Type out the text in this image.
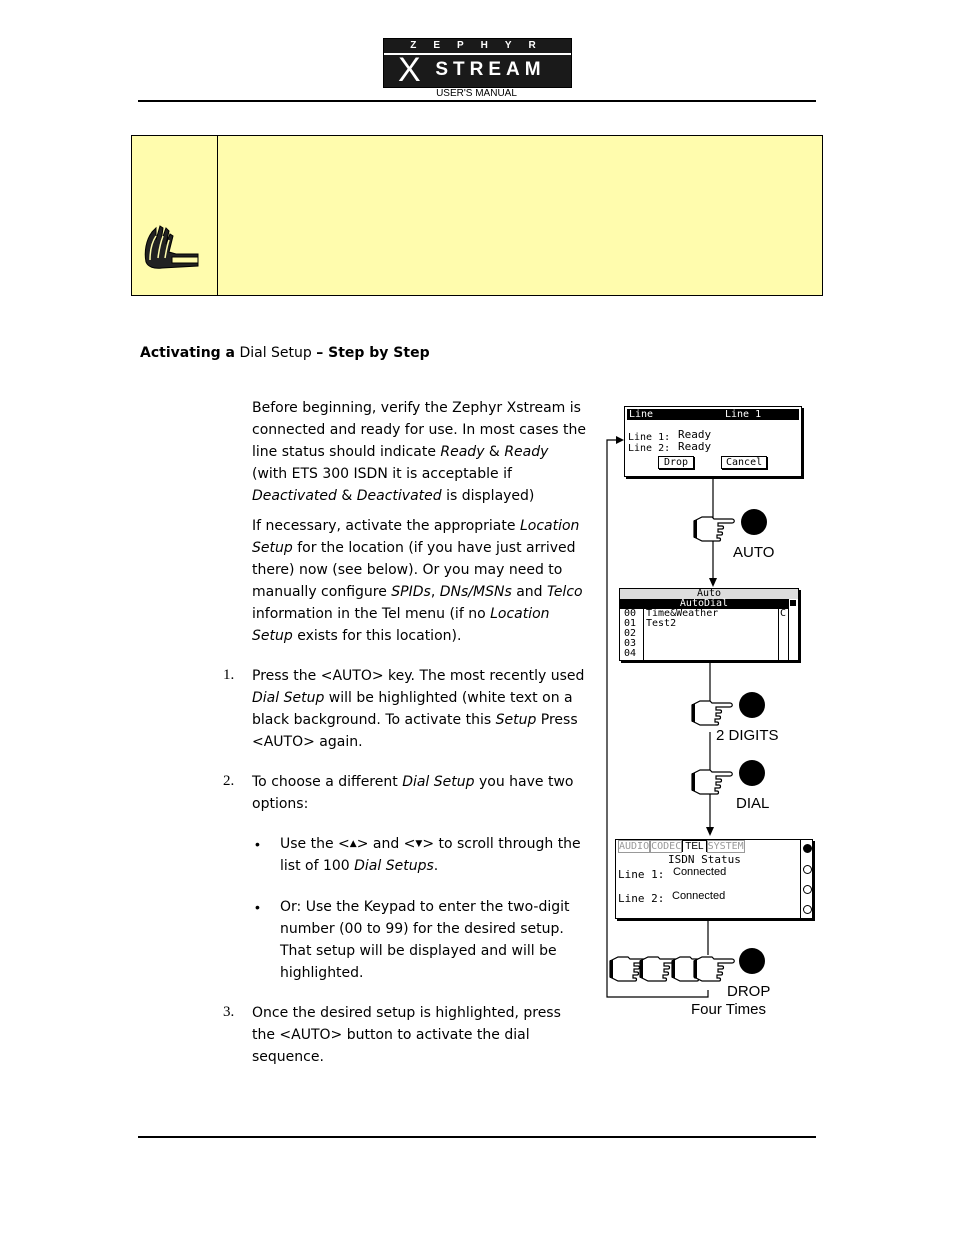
ZEPHYR
X STREAM
USER'S MANUAL
Activating a Dial Setup – Step by Step
Before beginning, verify the Zephyr Xstream is connected and ready for use. In most cases the line status should indicate Ready & Ready (with ETS 300 ISDN it is acceptable if Deactivated & Deactivated is displayed)
If necessary, activate the appropriate Location Setup for the location (if you have just arrived there) now (see below). Or you may need to manually configure SPIDs, DNs/MSNs and Telco information in the Tel menu (if no Location Setup exists for this location).
1. Press the <AUTO> key. The most recently used Dial Setup will be highlighted (white text on a black background. To activate this Setup Press <AUTO> again.
2. To choose a different Dial Setup you have two options:
• Use the <▲> and <▼> to scroll through the list of 100 Dial Setups.
• Or: Use the Keypad to enter the two-digit number (00 to 99) for the desired setup. That setup will be displayed and will be highlighted.
3. Once the desired setup is highlighted, press the <AUTO> button to activate the dial sequence.
Line	Line 1
Line 1: Ready
Line 2: Ready
Drop	Cancel
AUTO
Auto
AutoDial
00 Time&Weather
01 Test2
02
03
04
C
2 DIGITS
DIAL
AUDIO CODEC TEL SYSTEM
ISDN Status
Line 1: Connected
Line 2: Connected
DROP
Four Times
